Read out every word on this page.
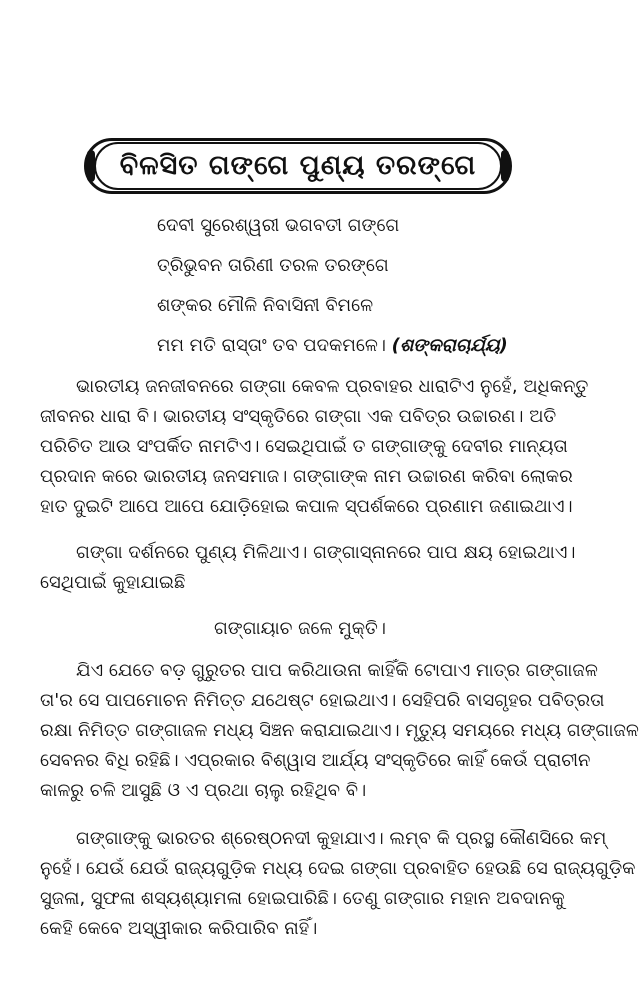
ବିଳସିତ ଗଙ୍ଗେ ପୁଣ୍ୟ ତରଙ୍ଗେ
ଦେବୀ ସୁରେଶ୍ୱରୀ ଭଗବତୀ ଗଙ୍ଗେ
ତ୍ରିଭୁବନ ତାରିଣୀ ତରଳ ତରଙ୍ଗେ
ଶଙ୍କର ମୌଳି ନିବାସିନୀ ବିମଳେ
ମମ ମତି ରାସ୍ତାଂ ତବ ପଦକମଳେ। (ଶଙ୍କରାଚାର୍ଯ୍ୟ)
ଭାରତୀୟ ଜନଜୀବନରେ ଗଙ୍ଗା କେବଳ ପ୍ରବାହର ଧାରାଟିଏ ନୁହେଁ, ଅଧିକନ୍ତୁ
ଜୀବନର ଧାରା ବି। ଭାରତୀୟ ସଂସ୍କୃତିରେ ଗଙ୍ଗା ଏକ ପବିତ୍ର ଉଚ୍ଚାରଣ। ଅତି
ପରିଚିତ ଆଉ ସଂପର୍କିତ ନାମଟିଏ। ସେଇଥିପାଇଁ ତ ଗଙ୍ଗାଙ୍କୁ ଦେବୀର ମାନ୍ୟତା
ପ୍ରଦାନ କରେ ଭାରତୀୟ ଜନସମାଜ। ଗଙ୍ଗାଙ୍କ ନାମ ଉଚ୍ଚାରଣ କରିବା ଲୋକର
ହାତ ଦୁଇଟି ଆପେ ଆପେ ଯୋଡ଼ିହୋଇ କପାଳ ସ୍ପର୍ଶକରେ ପ୍ରଣାମ ଜଣାଇଥାଏ।
ଗଙ୍ଗା ଦର୍ଶନରେ ପୁଣ୍ୟ ମିଳିଥାଏ। ଗଙ୍ଗାସ୍ନାନରେ ପାପ କ୍ଷୟ ହୋଇଥାଏ।
ସେଥିପାଇଁ କୁହାଯାଇଛି
ଗଙ୍ଗାୟାଚ ଜଳେ ମୁକ୍ତି।
ଯିଏ ଯେତେ ବଡ଼ ଗୁରୁତର ପାପ କରିଥାଉନା କାହିଁକି ଟୋପାଏ ମାତ୍ର ଗଙ୍ଗାଜଳ
ତା'ର ସେ ପାପମୋଚନ ନିମିତ୍ତ ଯଥେଷ୍ଟ ହୋଇଥାଏ। ସେହିପରି ବାସଗୃହର ପବିତ୍ରତା
ରକ୍ଷା ନିମିତ୍ତ ଗଙ୍ଗାଜଳ ମଧ୍ୟ ସିଞ୍ଚନ କରାଯାଇଥାଏ। ମୃତ୍ୟୁ ସମୟରେ ମଧ୍ୟ ଗଙ୍ଗାଜଳ
ସେବନର ବିଧି ରହିଛି। ଏପ୍ରକାର ବିଶ୍ୱାସ ଆର୍ଯ୍ୟ ସଂସ୍କୃତିରେ କାହିଁ କେଉଁ ପ୍ରାଚୀନ
କାଳରୁ ଚଳି ଆସୁଛି ଓ ଏ ପ୍ରଥା ଚାଲୁ ରହିଥିବ ବି।
ଗଙ୍ଗାଙ୍କୁ ଭାରତର ଶ୍ରେଷ୍ଠନଦୀ କୁହାଯାଏ। ଲମ୍ବ କି ପ୍ରସ୍ଥ କୌଣସିରେ କମ୍
ନୁହେଁ। ଯେଉଁ ଯେଉଁ ରାଜ୍ୟଗୁଡ଼ିକ ମଧ୍ୟ ଦେଇ ଗଙ୍ଗା ପ୍ରବାହିତ ହେଉଛି ସେ ରାଜ୍ୟଗୁଡ଼ିକ
ସୁଜଳା, ସୁଫଳା ଶସ୍ୟଶ୍ୟାମଳା ହୋଇପାରିଛି। ତେଣୁ ଗଙ୍ଗାର ମହାନ ଅବଦାନକୁ
କେହି କେବେ ଅସ୍ୱୀକାର କରିପାରିବ ନାହିଁ।
